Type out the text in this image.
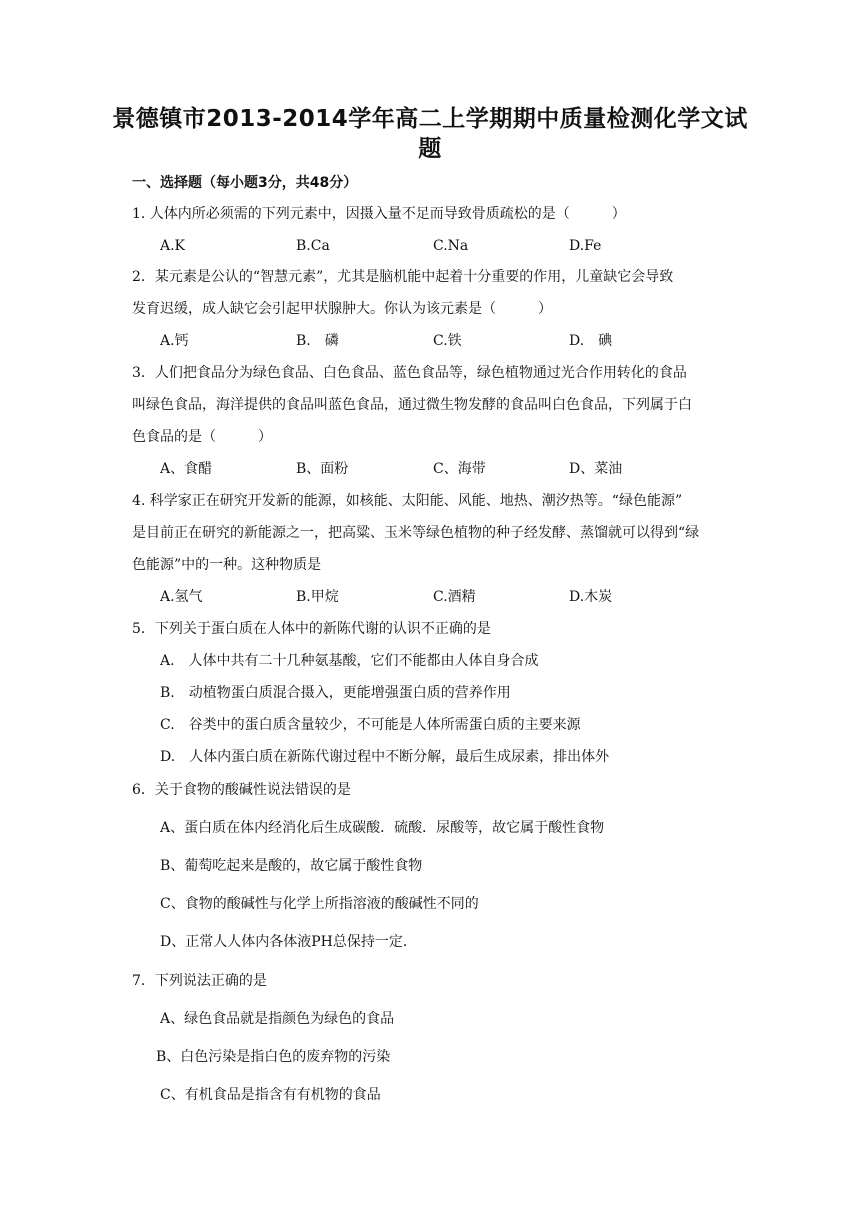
景德镇市2013-2014学年高二上学期期中质量检测化学文试
题
一、选择题（每小题3分，共48分）
1. 人体内所必须需的下列元素中，因摄入量不足而导致骨质疏松的是（　　　）
A.K	B.Ca	C.Na	D.Fe
2．某元素是公认的“智慧元素”，尤其是脑机能中起着十分重要的作用，儿童缺它会导致
发育迟缓，成人缺它会引起甲状腺肿大。你认为该元素是（　　　）
A.钙	B.　磷	C.铁	D.　碘
3．人们把食品分为绿色食品、白色食品、蓝色食品等，绿色植物通过光合作用转化的食品
叫绿色食品，海洋提供的食品叫蓝色食品，通过微生物发酵的食品叫白色食品，下列属于白
色食品的是（　　　）
A、食醋	B、面粉	C、海带	D、菜油
4. 科学家正在研究开发新的能源，如核能、太阳能、风能、地热、潮汐热等。“绿色能源”
是目前正在研究的新能源之一，把高粱、玉米等绿色植物的种子经发酵、蒸馏就可以得到“绿
色能源”中的一种。这种物质是
A.氢气	B.甲烷	C.酒精	D.木炭
5．下列关于蛋白质在人体中的新陈代谢的认识不正确的是
A.　人体中共有二十几种氨基酸，它们不能都由人体自身合成
B.　动植物蛋白质混合摄入，更能增强蛋白质的营养作用
C.　谷类中的蛋白质含量较少，不可能是人体所需蛋白质的主要来源
D.　人体内蛋白质在新陈代谢过程中不断分解，最后生成尿素，排出体外
6．关于食物的酸碱性说法错误的是
A、蛋白质在体内经消化后生成碳酸．硫酸．尿酸等，故它属于酸性食物
B、葡萄吃起来是酸的，故它属于酸性食物
C、食物的酸碱性与化学上所指溶液的酸碱性不同的
D、正常人人体内各体液PH总保持一定．
7．下列说法正确的是
A、绿色食品就是指颜色为绿色的食品
B、白色污染是指白色的废弃物的污染
C、有机食品是指含有有机物的食品
